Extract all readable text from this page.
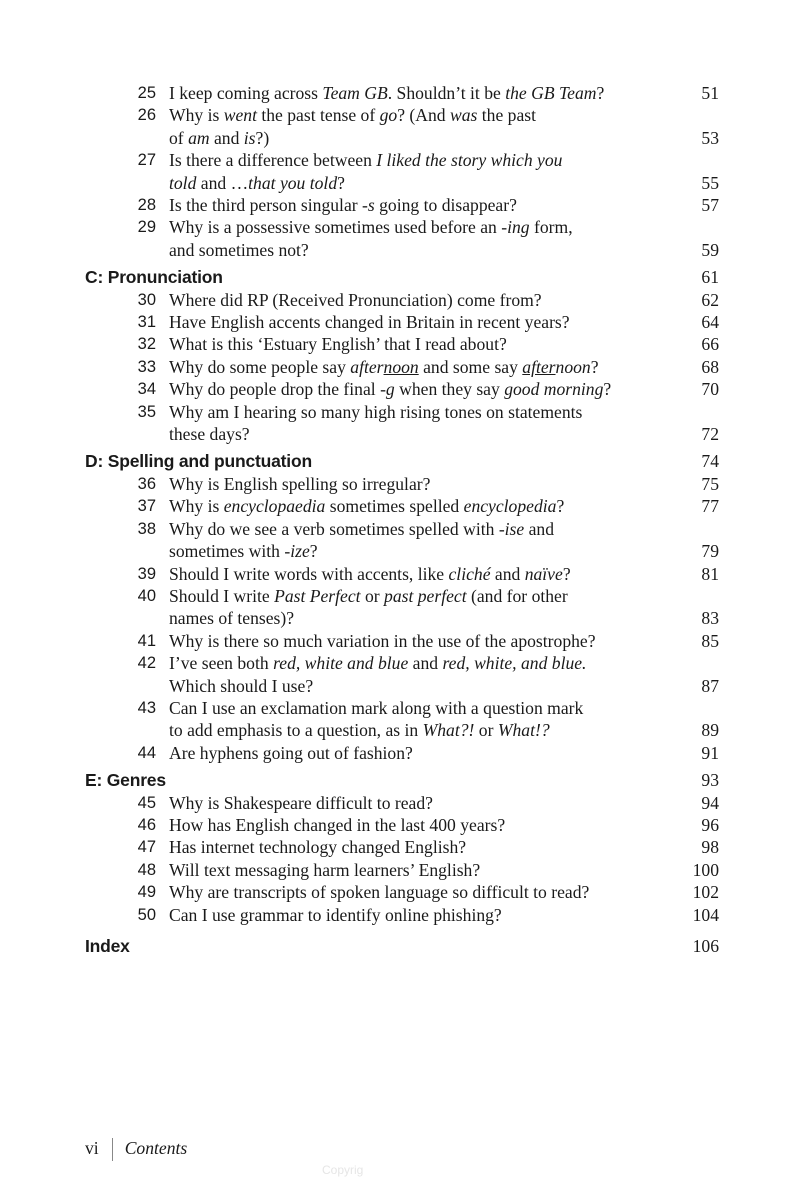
25 I keep coming across Team GB. Shouldn’t it be the GB Team?	51
26 Why is went the past tense of go? (And was the past
of am and is?)	53
27 Is there a difference between I liked the story which you
told and …that you told?	55
28 Is the third person singular -s going to disappear?	57
29 Why is a possessive sometimes used before an -ing form,
and sometimes not?	59
C: Pronunciation	61
30 Where did RP (Received Pronunciation) come from?	62
31 Have English accents changed in Britain in recent years?	64
32 What is this ‘Estuary English’ that I read about?	66
33 Why do some people say afternoon and some say afternoon?	68
34 Why do people drop the final -g when they say good morning?	70
35 Why am I hearing so many high rising tones on statements
these days?	72
D: Spelling and punctuation	74
36 Why is English spelling so irregular?	75
37 Why is encyclopaedia sometimes spelled encyclopedia?	77
38 Why do we see a verb sometimes spelled with -ise and
sometimes with -ize?	79
39 Should I write words with accents, like cliché and naïve?	81
40 Should I write Past Perfect or past perfect (and for other
names of tenses)?	83
41 Why is there so much variation in the use of the apostrophe?	85
42 I’ve seen both red, white and blue and red, white, and blue.
Which should I use?	87
43 Can I use an exclamation mark along with a question mark
to add emphasis to a question, as in What?! or What!?	89
44 Are hyphens going out of fashion?	91
E: Genres	93
45 Why is Shakespeare difficult to read?	94
46 How has English changed in the last 400 years?	96
47 Has internet technology changed English?	98
48 Will text messaging harm learners’ English?	100
49 Why are transcripts of spoken language so difficult to read?	102
50 Can I use grammar to identify online phishing?	104
Index	106
vi Contents
Copyrig
